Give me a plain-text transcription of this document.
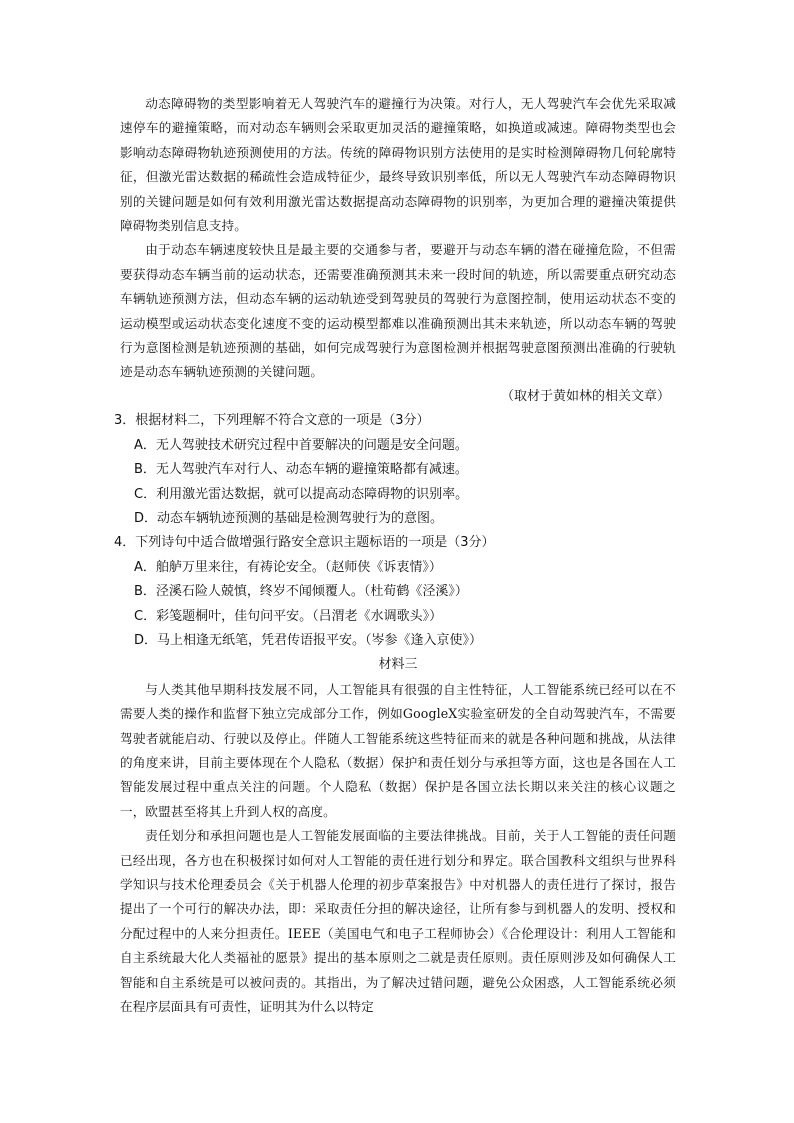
动态障碍物的类型影响着无人驾驶汽车的避撞行为决策。对行人，无人驾驶汽车会优先采取减速停车的避撞策略，而对动态车辆则会采取更加灵活的避撞策略，如换道或减速。障碍物类型也会影响动态障碍物轨迹预测使用的方法。传统的障碍物识别方法使用的是实时检测障碍物几何轮廓特征，但激光雷达数据的稀疏性会造成特征少，最终导致识别率低，所以无人驾驶汽车动态障碍物识别的关键问题是如何有效利用激光雷达数据提高动态障碍物的识别率，为更加合理的避撞决策提供障碍物类别信息支持。

由于动态车辆速度较快且是最主要的交通参与者，要避开与动态车辆的潜在碰撞危险，不但需要获得动态车辆当前的运动状态，还需要准确预测其未来一段时间的轨迹，所以需要重点研究动态车辆轨迹预测方法，但动态车辆的运动轨迹受到驾驶员的驾驶行为意图控制，使用运动状态不变的运动模型或运动状态变化速度不变的运动模型都难以准确预测出其未来轨迹，所以动态车辆的驾驶行为意图检测是轨迹预测的基础，如何完成驾驶行为意图检测并根据驾驶意图预测出准确的行驶轨迹是动态车辆轨迹预测的关键问题。

（取材于黄如林的相关文章）

3．根据材料二，下列理解不符合文意的一项是（3分）

A．无人驾驶技术研究过程中首要解决的问题是安全问题。

B．无人驾驶汽车对行人、动态车辆的避撞策略都有减速。

C．利用激光雷达数据，就可以提高动态障碍物的识别率。

D．动态车辆轨迹预测的基础是检测驾驶行为的意图。

4．下列诗句中适合做增强行路安全意识主题标语的一项是（3分）

A．舶舻万里来往，有祷论安全。（赵师侠《诉衷情》）

B．泾溪石险人兢慎，终岁不闻倾覆人。（杜荀鹤《泾溪》）

C．彩笺题桐叶，佳句问平安。（吕渭老《水调歌头》）

D．马上相逢无纸笔，凭君传语报平安。（岑参《逢入京使》）

材料三

与人类其他早期科技发展不同，人工智能具有很强的自主性特征，人工智能系统已经可以在不需要人类的操作和监督下独立完成部分工作，例如GoogleX实验室研发的全自动驾驶汽车，不需要驾驶者就能启动、行驶以及停止。伴随人工智能系统这些特征而来的就是各种问题和挑战，从法律的角度来讲，目前主要体现在个人隐私（数据）保护和责任划分与承担等方面，这也是各国在人工智能发展过程中重点关注的问题。个人隐私（数据）保护是各国立法长期以来关注的核心议题之一，欧盟甚至将其上升到人权的高度。

责任划分和承担问题也是人工智能发展面临的主要法律挑战。目前，关于人工智能的责任问题已经出现，各方也在积极探讨如何对人工智能的责任进行划分和界定。联合国教科文组织与世界科学知识与技术伦理委员会《关于机器人伦理的初步草案报告》中对机器人的责任进行了探讨，报告提出了一个可行的解决办法，即：采取责任分担的解决途径，让所有参与到机器人的发明、授权和分配过程中的人来分担责任。IEEE（美国电气和电子工程师协会）《合伦理设计：利用人工智能和自主系统最大化人类福祉的愿景》提出的基本原则之二就是责任原则。责任原则涉及如何确保人工智能和自主系统是可以被问责的。其指出，为了解决过错问题，避免公众困惑，人工智能系统必须在程序层面具有可责性，证明其为什么以特定
